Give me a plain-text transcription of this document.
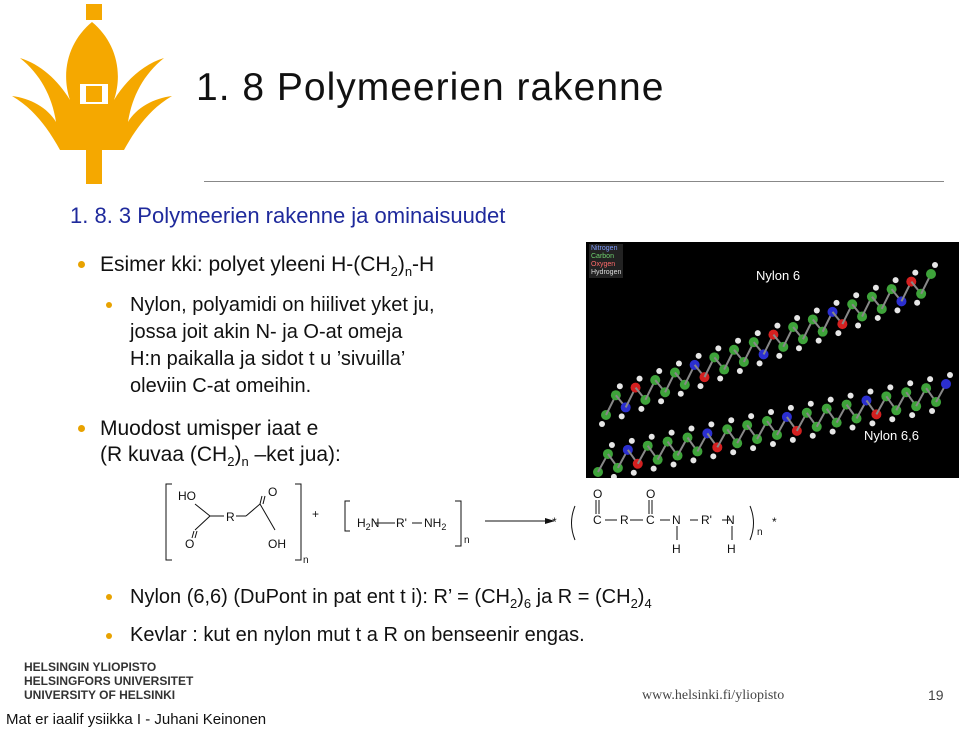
1. 8 Polymeerien rakenne
1. 8. 3 Polymeerien rakenne ja ominaisuudet
Esimer kki: polyet yleeni $H-(CH_2)_n-H$
Nylon, polyamidi on hiilivet yket ju,
jossa joit akin N- ja O-at omeja
H:n paikalla ja sidot t u ’sivuilla’
oleviin C-at omeihin.
Muodost umisper iaat e
(R kuvaa $(CH_2)_n$ –ket jua):
Nitrogen
Carbon
Oxygen
Hydrogen	Nylon 6
Nylon 6,6
HO	O
O	OH
R
n
+
$H_2N$ R' $NH_2$
n
*	C R C
O	O
N R' N
H	H
n
*
Nylon (6,6) (DuPont in pat ent t i): R’ = $(CH_2)_6$ ja $R = (CH_2)_4$
Kevlar : kut en nylon mut t a R on benseenir engas.
HELSINGIN YLIOPISTO
HELSINGFORS UNIVERSITET
UNIVERSITY OF HELSINKI
Mat er iaalif ysiikka I - Juhani Keinonen
www.helsinki.fi/yliopisto	19
